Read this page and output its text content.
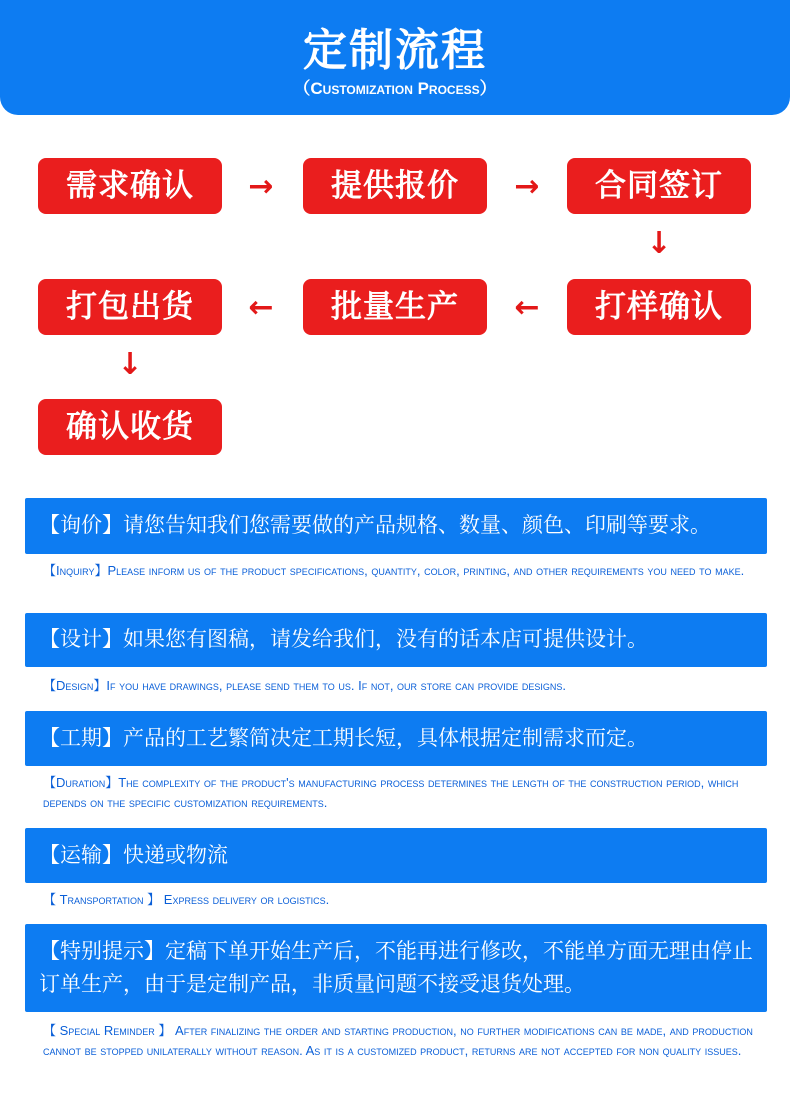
定制流程
（Customization Process）
需求确认	→	提供报价	→	合同签订
↓
打样确认
←
批量生产
←
打包出货
↓
确认收货
【询价】请您告知我们您需要做的产品规格、数量、颜色、印刷等要求。
【Inquiry】Please inform us of the product specifications, quantity, color, printing, and other requirements you need to make.
【设计】如果您有图稿，请发给我们，没有的话本店可提供设计。
【Design】If you have drawings, please send them to us. If not, our store can provide designs.
【工期】产品的工艺繁简决定工期长短，具体根据定制需求而定。
【Duration】The complexity of the product's manufacturing process determines the length of the construction period, which depends on the specific customization requirements.
【运输】快递或物流
【 Transportation 】 Express delivery or logistics.
【特别提示】定稿下单开始生产后，不能再进行修改，不能单方面无理由停止订单生产，由于是定制产品，非质量问题不接受退货处理。
【 Special Reminder 】 After finalizing the order and starting production, no further modifications can be made, and production cannot be stopped unilaterally without reason. As it is a customized product, returns are not accepted for non quality issues.
